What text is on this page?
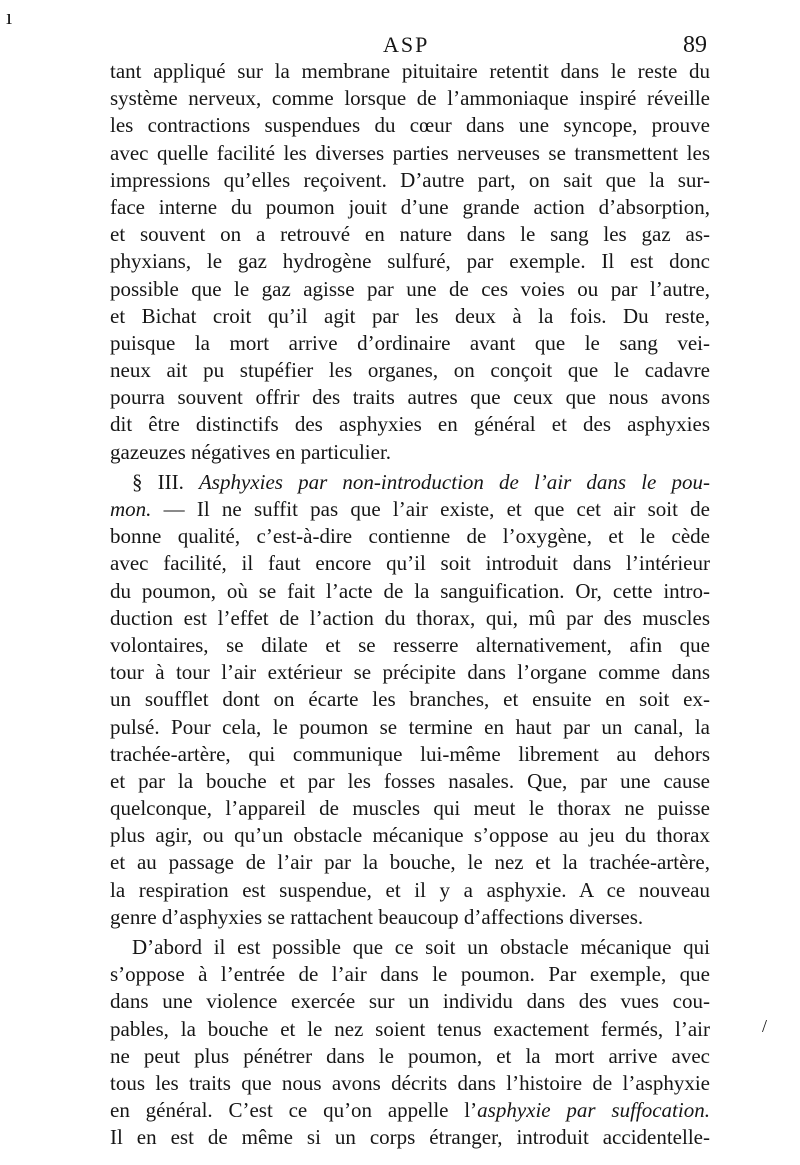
ı
ASP	89
tant appliqué sur la membrane pituitaire retentit dans le reste du
système nerveux, comme lorsque de l’ammoniaque inspiré réveille
les contractions suspendues du cœur dans une syncope, prouve
avec quelle facilité les diverses parties nerveuses se transmettent les
impressions qu’elles reçoivent. D’autre part, on sait que la sur-
face interne du poumon jouit d’une grande action d’absorption,
et souvent on a retrouvé en nature dans le sang les gaz as-
phyxians, le gaz hydrogène sulfuré, par exemple. Il est donc
possible que le gaz agisse par une de ces voies ou par l’autre,
et Bichat croit qu’il agit par les deux à la fois. Du reste,
puisque la mort arrive d’ordinaire avant que le sang vei-
neux ait pu stupéfier les organes, on conçoit que le cadavre
pourra souvent offrir des traits autres que ceux que nous avons
dit être distinctifs des asphyxies en général et des asphyxies
gazeuzes négatives en particulier.
§ III. Asphyxies par non-introduction de l’air dans le pou-
mon. — Il ne suffit pas que l’air existe, et que cet air soit de
bonne qualité, c’est-à-dire contienne de l’oxygène, et le cède
avec facilité, il faut encore qu’il soit introduit dans l’intérieur
du poumon, où se fait l’acte de la sanguification. Or, cette intro-
duction est l’effet de l’action du thorax, qui, mû par des muscles
volontaires, se dilate et se resserre alternativement, afin que
tour à tour l’air extérieur se précipite dans l’organe comme dans
un soufflet dont on écarte les branches, et ensuite en soit ex-
pulsé. Pour cela, le poumon se termine en haut par un canal, la
trachée-artère, qui communique lui-même librement au dehors
et par la bouche et par les fosses nasales. Que, par une cause
quelconque, l’appareil de muscles qui meut le thorax ne puisse
plus agir, ou qu’un obstacle mécanique s’oppose au jeu du thorax
et au passage de l’air par la bouche, le nez et la trachée-artère,
la respiration est suspendue, et il y a asphyxie. A ce nouveau
genre d’asphyxies se rattachent beaucoup d’affections diverses.
D’abord il est possible que ce soit un obstacle mécanique qui
s’oppose à l’entrée de l’air dans le poumon. Par exemple, que
dans une violence exercée sur un individu dans des vues cou-
pables, la bouche et le nez soient tenus exactement fermés, l’air
ne peut plus pénétrer dans le poumon, et la mort arrive avec
tous les traits que nous avons décrits dans l’histoire de l’asphyxie
en général. C’est ce qu’on appelle l’asphyxie par suffocation.
Il en est de même si un corps étranger, introduit accidentelle-
/
